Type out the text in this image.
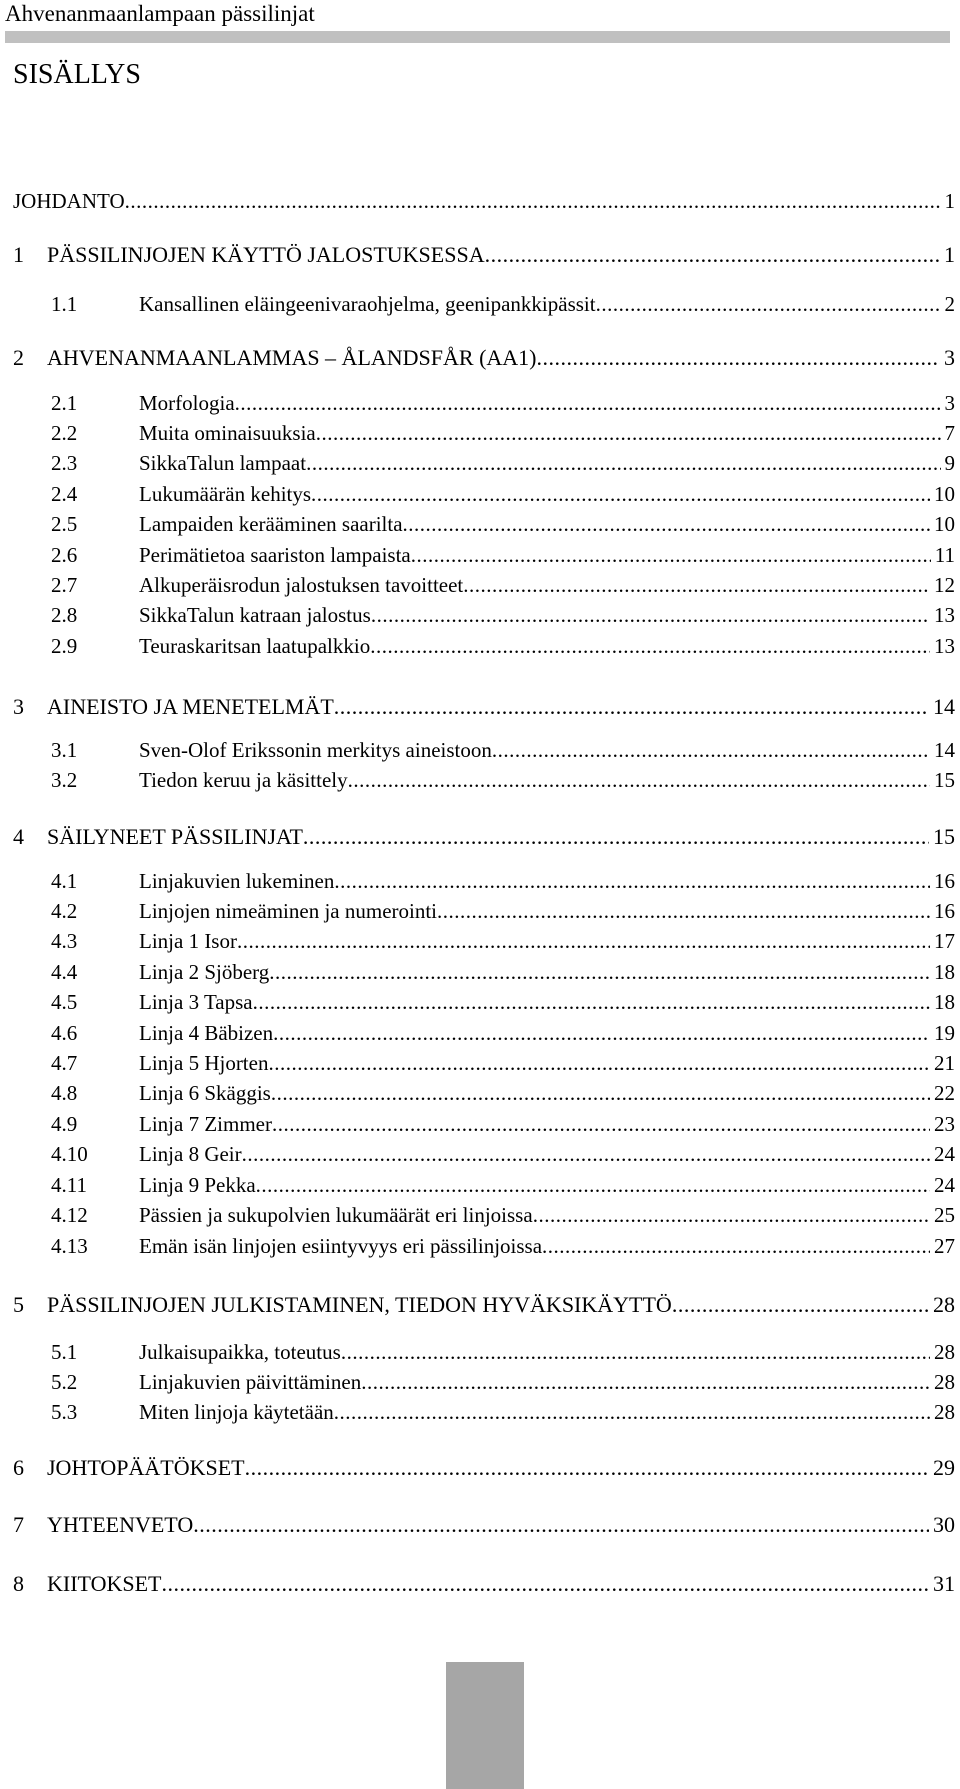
Ahvenanmaanlampaan pässilinjat
SISÄLLYS
JOHDANTO .....	1
1	PÄSSILINJOJEN KÄYTTÖ JALOSTUKSESSA .....	1
1.1	Kansallinen eläingeenivaraohjelma, geenipankkipässit .....	2
2	AHVENANMAANLAMMAS – ÅLANDSFÅR (AA1) .....	3
2.1	Morfologia .....	3
2.2	Muita ominaisuuksia .....	7
2.3	SikkaTalun lampaat .....	9
2.4	Lukumäärän kehitys .....	10
2.5	Lampaiden kerääminen saarilta .....	10
2.6	Perimätietoa saariston lampaista .....	11
2.7	Alkuperäisrodun jalostuksen tavoitteet .....	12
2.8	SikkaTalun katraan jalostus .....	13
2.9	Teuraskaritsan laatupalkkio .....	13
3	AINEISTO JA MENETELMÄT .....	14
3.1	Sven-Olof Erikssonin merkitys aineistoon .....	14
3.2	Tiedon keruu ja käsittely .....	15
4	SÄILYNEET PÄSSILINJAT .....	15
4.1	Linjakuvien lukeminen .....	16
4.2	Linjojen nimeäminen ja numerointi .....	16
4.3	Linja 1 Isor .....	17
4.4	Linja 2 Sjöberg .....	18
4.5	Linja 3 Tapsa .....	18
4.6	Linja 4 Bäbizen .....	19
4.7	Linja 5 Hjorten .....	21
4.8	Linja 6 Skäggis .....	22
4.9	Linja 7 Zimmer .....	23
4.10	Linja 8 Geir .....	24
4.11	Linja 9 Pekka .....	24
4.12	Pässien ja sukupolvien lukumäärät eri linjoissa .....	25
4.13	Emän isän linjojen esiintyvyys eri pässilinjoissa .....	27
5	PÄSSILINJOJEN JULKISTAMINEN, TIEDON HYVÄKSIKÄYTTÖ .....	28
5.1	Julkaisupaikka, toteutus .....	28
5.2	Linjakuvien päivittäminen .....	28
5.3	Miten linjoja käytetään .....	28
6	JOHTOPÄÄTÖKSET .....	29
7	YHTEENVETO .....	30
8	KIITOKSET .....	31
